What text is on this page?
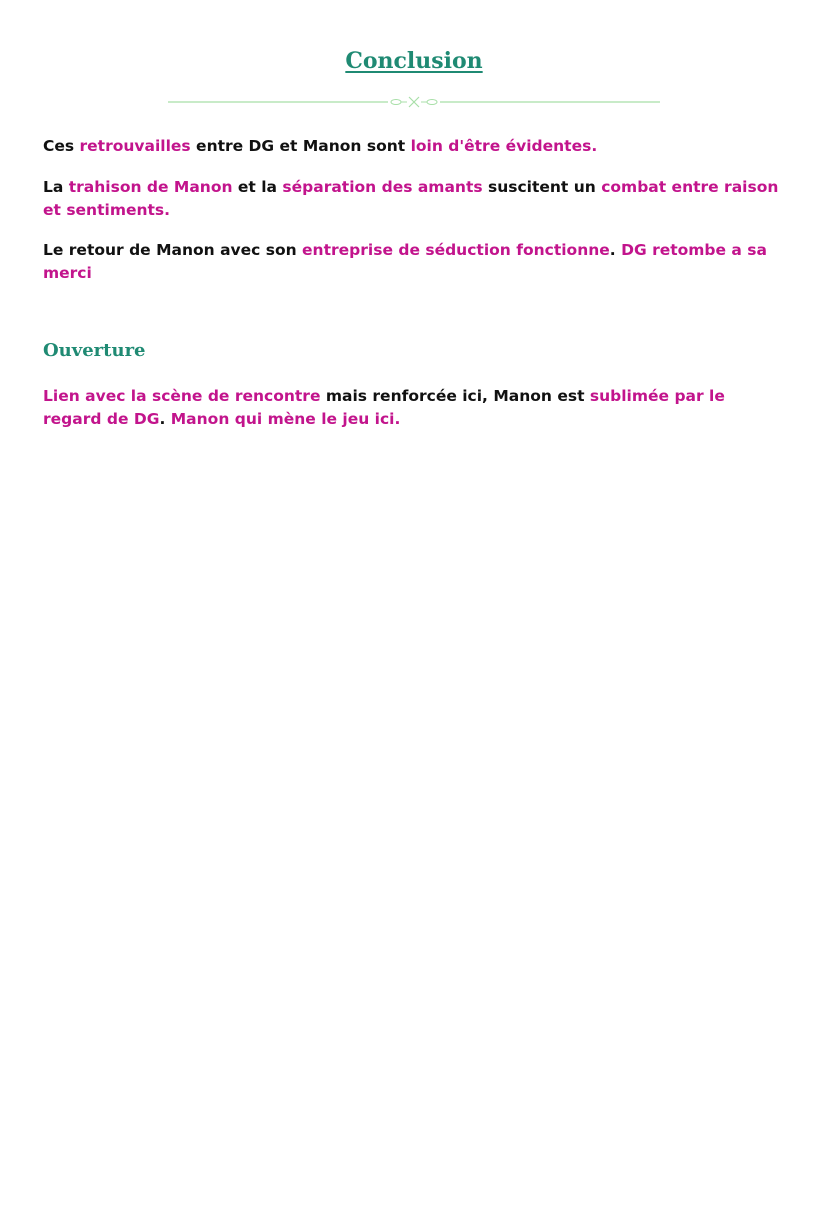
Conclusion

Ces retrouvailles entre DG et Manon sont loin d'être évidentes.

La trahison de Manon et la séparation des amants suscitent un combat entre raison et sentiments.

Le retour de Manon avec son entreprise de séduction fonctionne. DG retombe a sa merci

Ouverture

Lien avec la scène de rencontre mais renforcée ici, Manon est sublimée par le regard de DG. Manon qui mène le jeu ici.
